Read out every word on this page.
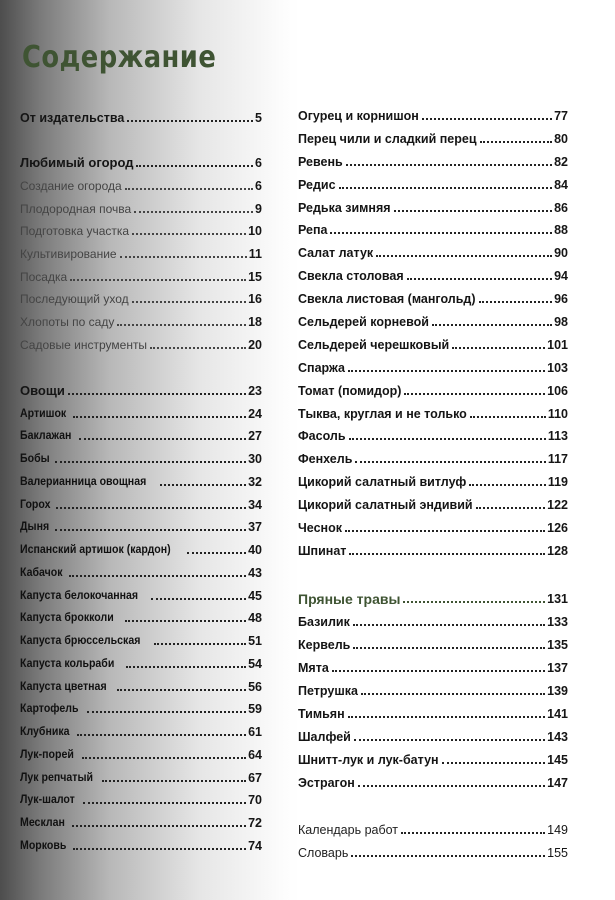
Содержание
От издательства	5
Любимый огород	6
Создание огорода	6
Плодородная почва	9
Подготовка участка	10
Культивирование	11
Посадка	15
Последующий уход	16
Хлопоты по саду	18
Садовые инструменты	20
Овощи	23
Артишок	24
Баклажан	27
Бобы	30
Валерианница овощная	32
Горох	34
Дыня	37
Испанский артишок (кардон)	40
Кабачок	43
Капуста белокочанная	45
Капуста брокколи	48
Капуста брюссельская	51
Капуста кольраби	54
Капуста цветная	56
Картофель	59
Клубника	61
Лук-порей	64
Лук репчатый	67
Лук-шалот	70
Месклан	72
Морковь	74
Огурец и корнишон	77
Перец чили и сладкий перец	80
Ревень	82
Редис	84
Редька зимняя	86
Репа	88
Салат латук	90
Свекла столовая	94
Свекла листовая (мангольд)	96
Сельдерей корневой	98
Сельдерей черешковый	101
Спаржа	103
Томат (помидор)	106
Тыква, круглая и не только	110
Фасоль	113
Фенхель	117
Цикорий салатный витлуф	119
Цикорий салатный эндивий	122
Чеснок	126
Шпинат	128
Пряные травы	131
Базилик	133
Кервель	135
Мята	137
Петрушка	139
Тимьян	141
Шалфей	143
Шнитт-лук и лук-батун	145
Эстрагон	147
Календарь работ	149
Словарь	155
